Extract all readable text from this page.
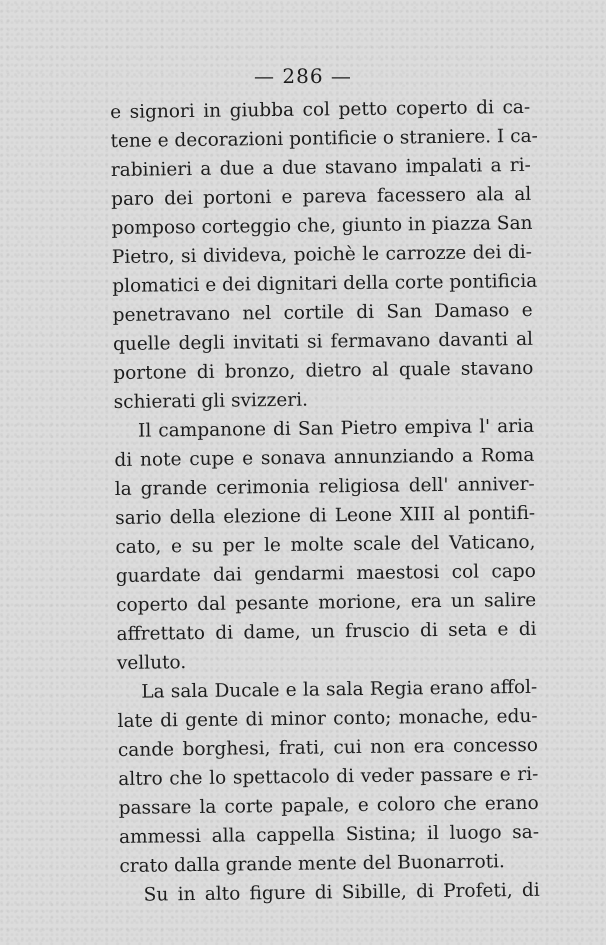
— 286 —
e signori in giubba col petto coperto di ca-
tene e decorazioni pontificie o straniere. I ca-
rabinieri a due a due stavano impalati a ri-
paro dei portoni e pareva facessero ala al
pomposo corteggio che, giunto in piazza San
Pietro, si divideva, poichè le carrozze dei di-
plomatici e dei dignitari della corte pontificia
penetravano nel cortile di San Damaso e
quelle degli invitati si fermavano davanti al
portone di bronzo, dietro al quale stavano
schierati gli svizzeri.
Il campanone di San Pietro empiva l' aria
di note cupe e sonava annunziando a Roma
la grande cerimonia religiosa dell' anniver-
sario della elezione di Leone XIII al pontifi-
cato, e su per le molte scale del Vaticano,
guardate dai gendarmi maestosi col capo
coperto dal pesante morione, era un salire
affrettato di dame, un fruscio di seta e di
velluto.
La sala Ducale e la sala Regia erano affol-
late di gente di minor conto; monache, edu-
cande borghesi, frati, cui non era concesso
altro che lo spettacolo di veder passare e ri-
passare la corte papale, e coloro che erano
ammessi alla cappella Sistina; il luogo sa-
crato dalla grande mente del Buonarroti.
Su in alto figure di Sibille, di Profeti, di
